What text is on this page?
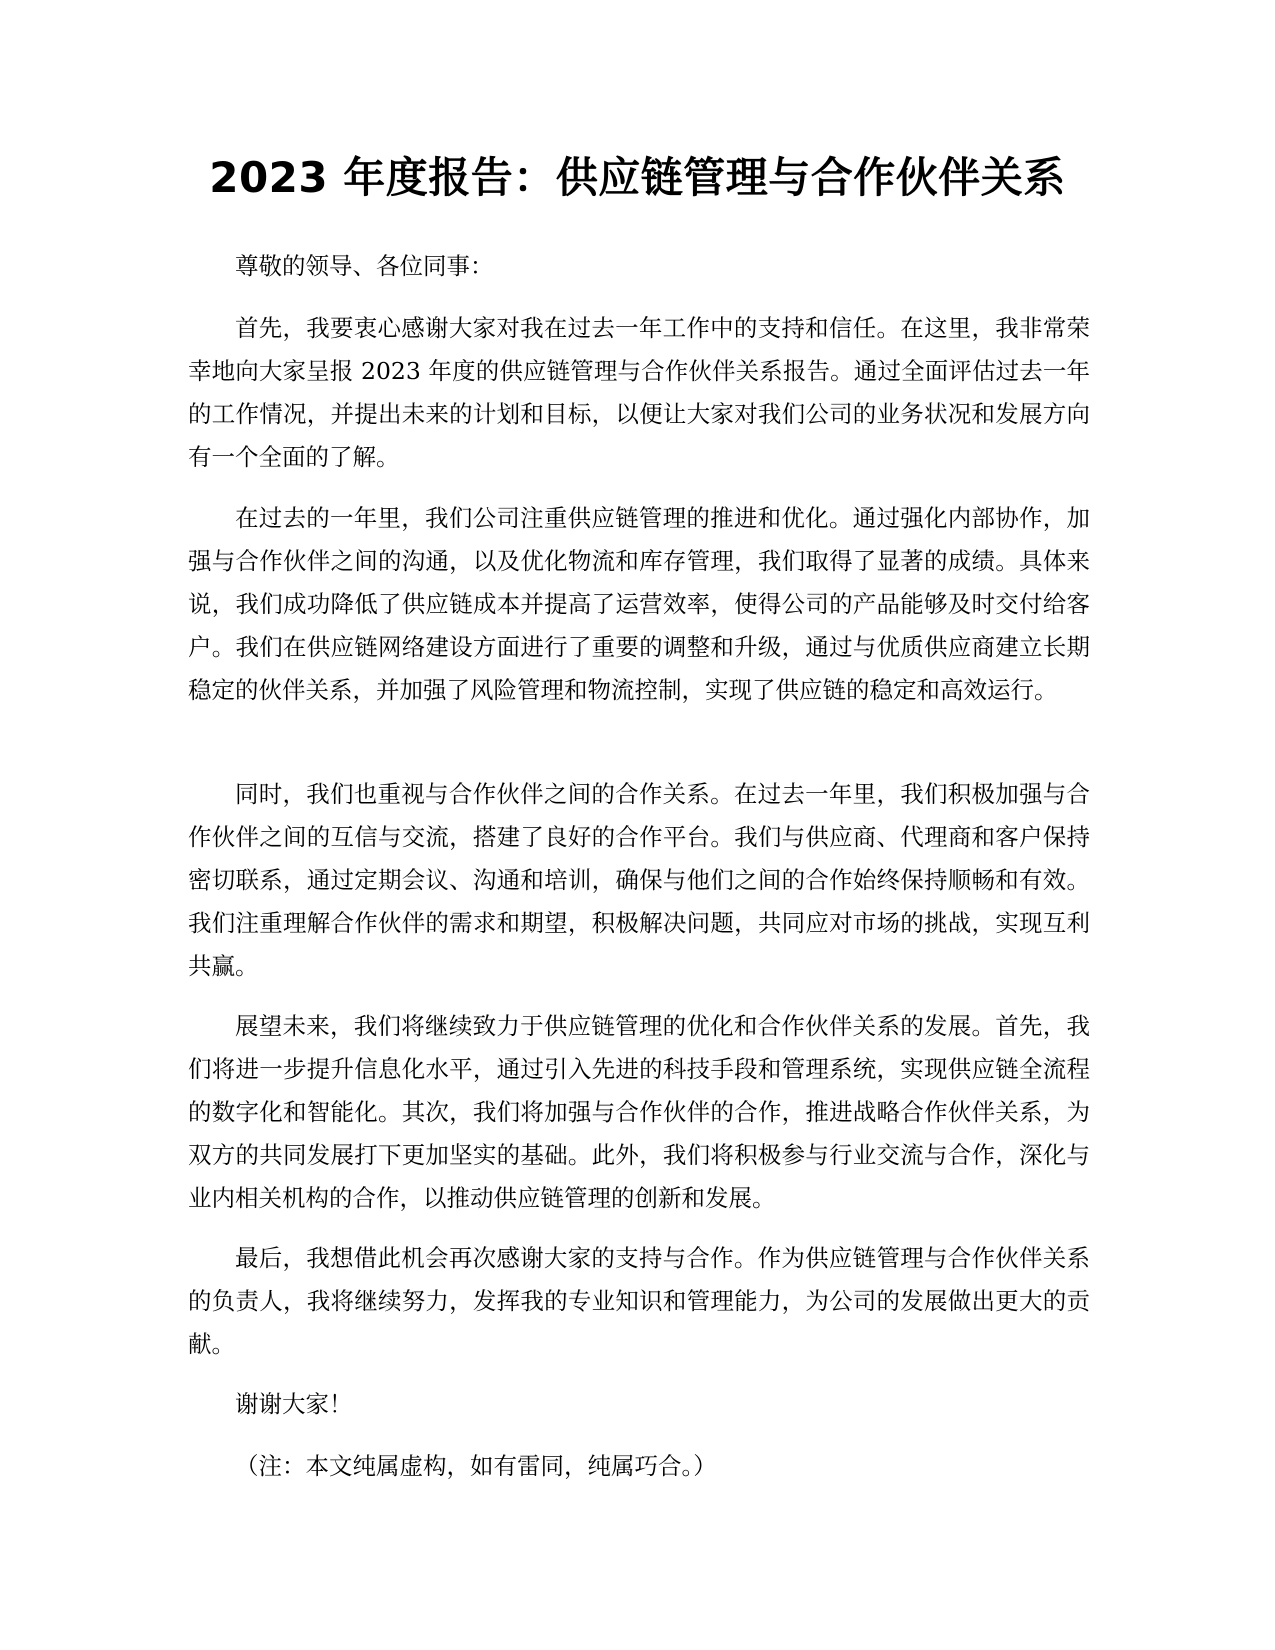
2023 年度报告：供应链管理与合作伙伴关系

尊敬的领导、各位同事：

首先，我要衷心感谢大家对我在过去一年工作中的支持和信任。在这里，我非常荣幸地向大家呈报 2023 年度的供应链管理与合作伙伴关系报告。通过全面评估过去一年的工作情况，并提出未来的计划和目标，以便让大家对我们公司的业务状况和发展方向有一个全面的了解。

在过去的一年里，我们公司注重供应链管理的推进和优化。通过强化内部协作，加强与合作伙伴之间的沟通，以及优化物流和库存管理，我们取得了显著的成绩。具体来说，我们成功降低了供应链成本并提高了运营效率，使得公司的产品能够及时交付给客户。我们在供应链网络建设方面进行了重要的调整和升级，通过与优质供应商建立长期稳定的伙伴关系，并加强了风险管理和物流控制，实现了供应链的稳定和高效运行。

同时，我们也重视与合作伙伴之间的合作关系。在过去一年里，我们积极加强与合作伙伴之间的互信与交流，搭建了良好的合作平台。我们与供应商、代理商和客户保持密切联系，通过定期会议、沟通和培训，确保与他们之间的合作始终保持顺畅和有效。我们注重理解合作伙伴的需求和期望，积极解决问题，共同应对市场的挑战，实现互利共赢。

展望未来，我们将继续致力于供应链管理的优化和合作伙伴关系的发展。首先，我们将进一步提升信息化水平，通过引入先进的科技手段和管理系统，实现供应链全流程的数字化和智能化。其次，我们将加强与合作伙伴的合作，推进战略合作伙伴关系，为双方的共同发展打下更加坚实的基础。此外，我们将积极参与行业交流与合作，深化与业内相关机构的合作，以推动供应链管理的创新和发展。

最后，我想借此机会再次感谢大家的支持与合作。作为供应链管理与合作伙伴关系的负责人，我将继续努力，发挥我的专业知识和管理能力，为公司的发展做出更大的贡献。

谢谢大家！

（注：本文纯属虚构，如有雷同，纯属巧合。）
